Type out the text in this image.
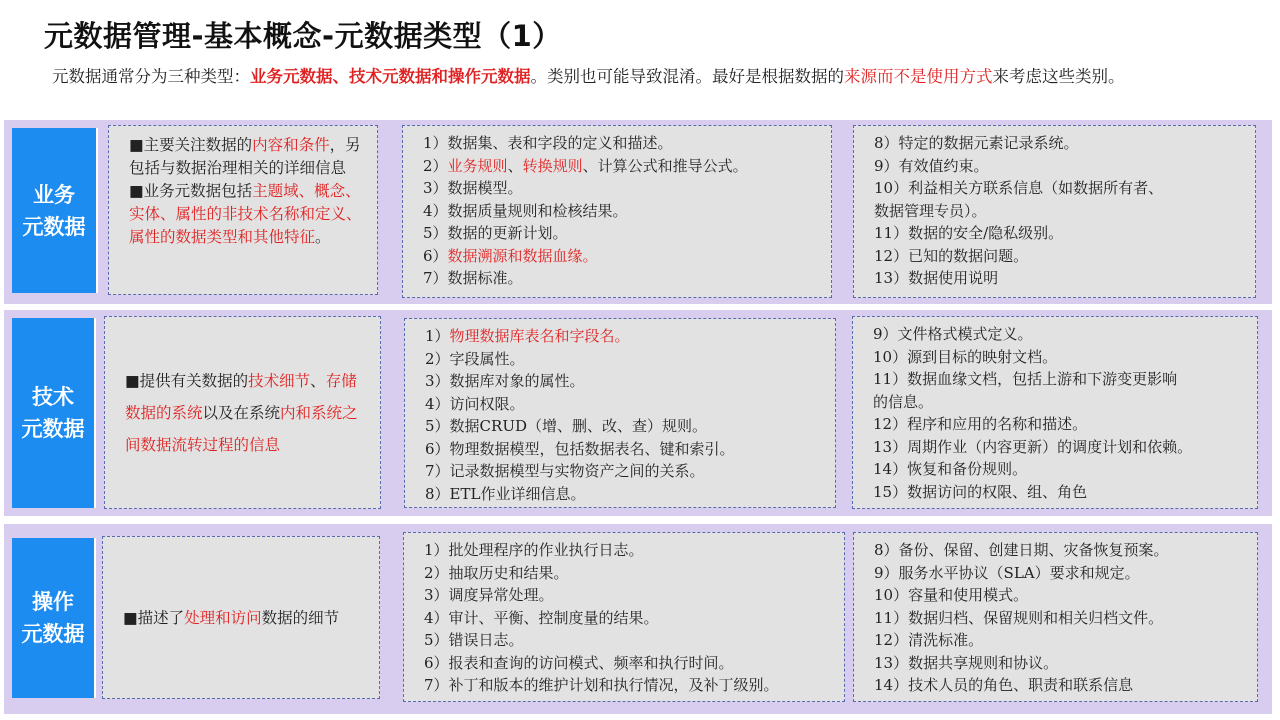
元数据管理-基本概念-元数据类型（1）
元数据通常分为三种类型：业务元数据、技术元数据和操作元数据。类别也可能导致混淆。最好是根据数据的来源而不是使用方式来考虑这些类别。
业务
元数据
■主要关注数据的内容和条件，另包括与数据治理相关的详细信息
■业务元数据包括主题域、概念、实体、属性的非技术名称和定义、属性的数据类型和其他特征。
1）数据集、表和字段的定义和描述。
2）业务规则、转换规则、计算公式和推导公式。
3）数据模型。
4）数据质量规则和检核结果。
5）数据的更新计划。
6）数据溯源和数据血缘。
7）数据标准。
8）特定的数据元素记录系统。
9）有效值约束。
10）利益相关方联系信息（如数据所有者、
数据管理专员）。
11）数据的安全/隐私级别。
12）已知的数据问题。
13）数据使用说明
技术
元数据
■提供有关数据的技术细节、存储数据的系统以及在系统内和系统之间数据流转过程的信息
1）物理数据库表名和字段名。
2）字段属性。
3）数据库对象的属性。
4）访问权限。
5）数据CRUD（增、删、改、查）规则。
6）物理数据模型，包括数据表名、键和索引。
7）记录数据模型与实物资产之间的关系。
8）ETL作业详细信息。
9）文件格式模式定义。
10）源到目标的映射文档。
11）数据血缘文档，包括上游和下游变更影响
的信息。
12）程序和应用的名称和描述。
13）周期作业（内容更新）的调度计划和依赖。
14）恢复和备份规则。
15）数据访问的权限、组、角色
操作
元数据
■描述了处理和访问数据的细节
1）批处理程序的作业执行日志。
2）抽取历史和结果。
3）调度异常处理。
4）审计、平衡、控制度量的结果。
5）错误日志。
6）报表和查询的访问模式、频率和执行时间。
7）补丁和版本的维护计划和执行情况，及补丁级别。
8）备份、保留、创建日期、灾备恢复预案。
9）服务水平协议（SLA）要求和规定。
10）容量和使用模式。
11）数据归档、保留规则和相关归档文件。
12）清洗标准。
13）数据共享规则和协议。
14）技术人员的角色、职责和联系信息
